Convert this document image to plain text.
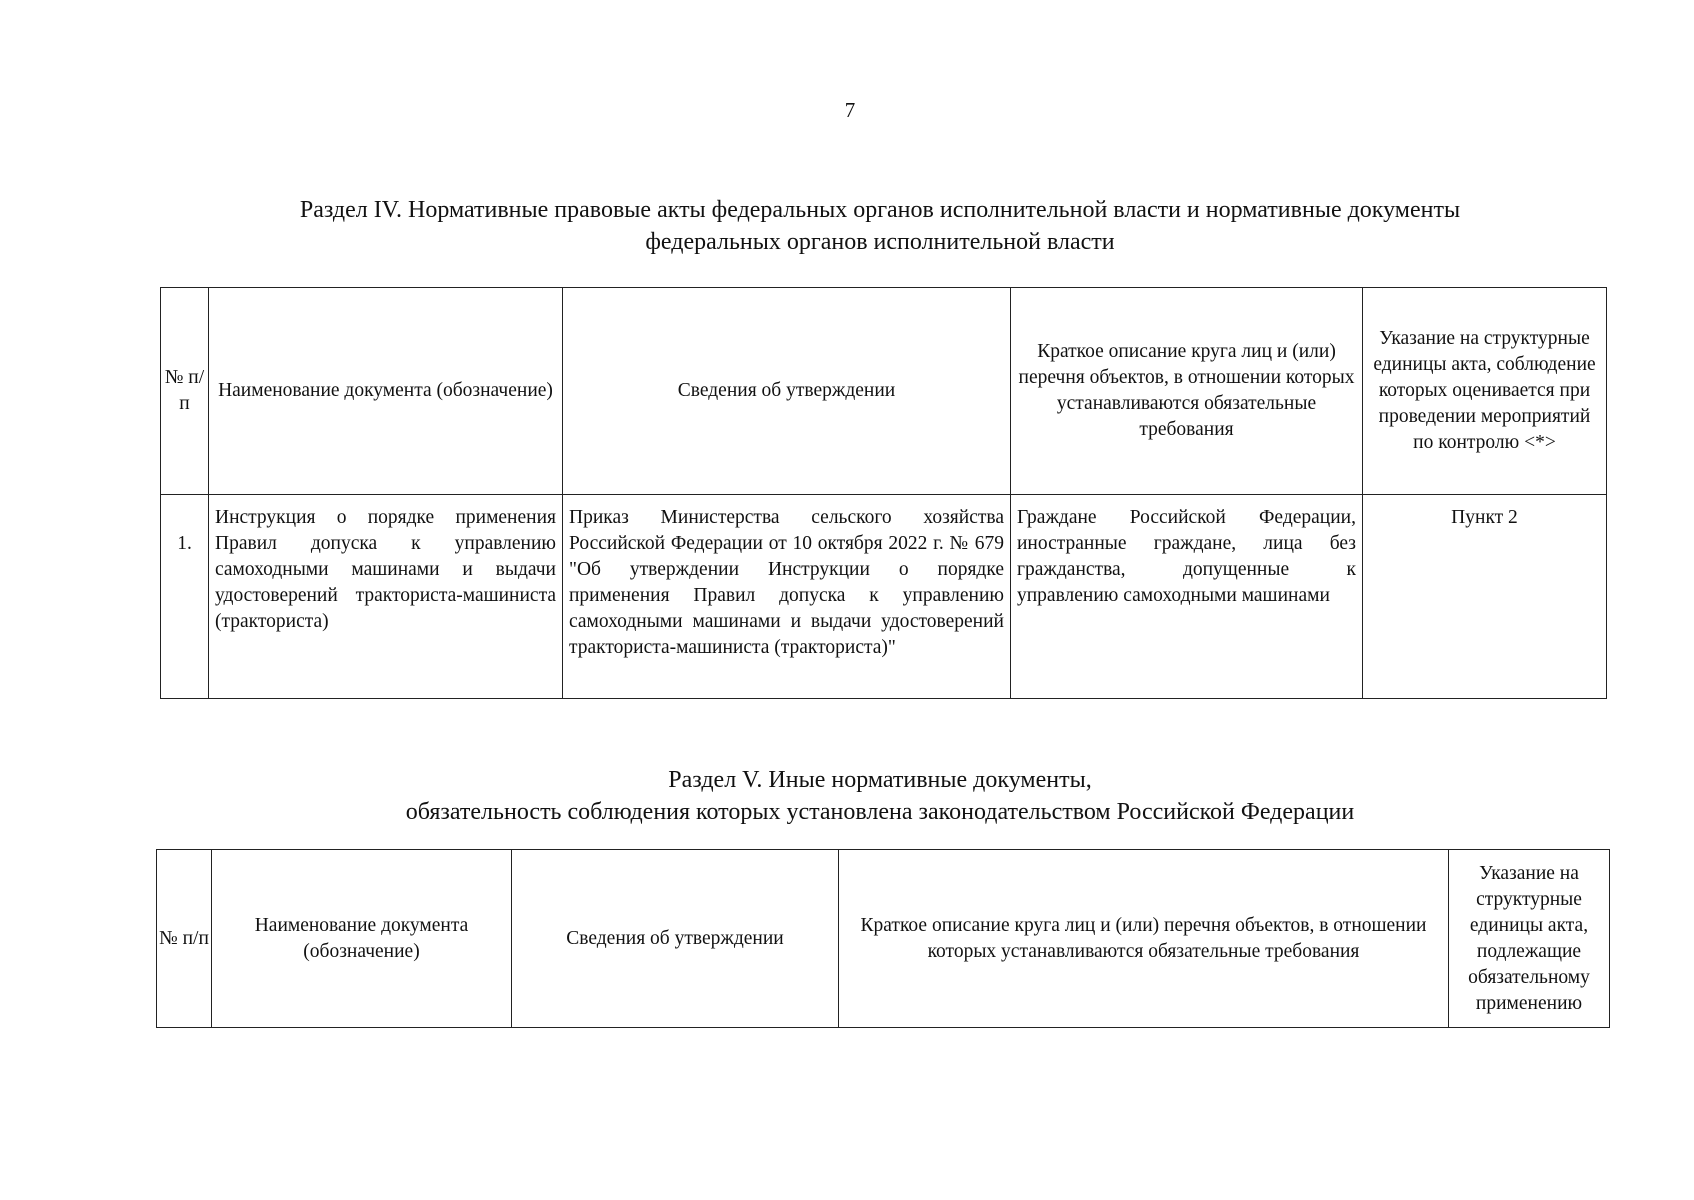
7
Раздел IV. Нормативные правовые акты федеральных органов исполнительной власти и нормативные документы
федеральных органов исполнительной власти
№ п/п	Наименование документа (обозначение)	Сведения об утверждении	Краткое описание круга лиц и (или) перечня объектов, в отношении которых устанавливаются обязательные требования	Указание на структурные единицы акта, соблюдение которых оценивается при проведении мероприятий по контролю <*>
1.	Инструкция о порядке применения Правил допуска к управлению самоходными машинами и выдачи удостоверений тракториста-машиниста (тракториста)	Приказ Министерства сельского хозяйства Российской Федерации от 10 октября 2022 г. № 679 "Об утверждении Инструкции о порядке применения Правил допуска к управлению самоходными машинами и выдачи удостоверений тракториста-машиниста (тракториста)"	Граждане Российской Федерации, иностранные граждане, лица без гражданства, допущенные к управлению самоходными машинами	Пункт 2
Раздел V. Иные нормативные документы,
обязательность соблюдения которых установлена законодательством Российской Федерации
№ п/п	Наименование документа (обозначение)	Сведения об утверждении	Краткое описание круга лиц и (или) перечня объектов, в отношении которых устанавливаются обязательные требования	Указание на структурные единицы акта, подлежащие обязательному применению
